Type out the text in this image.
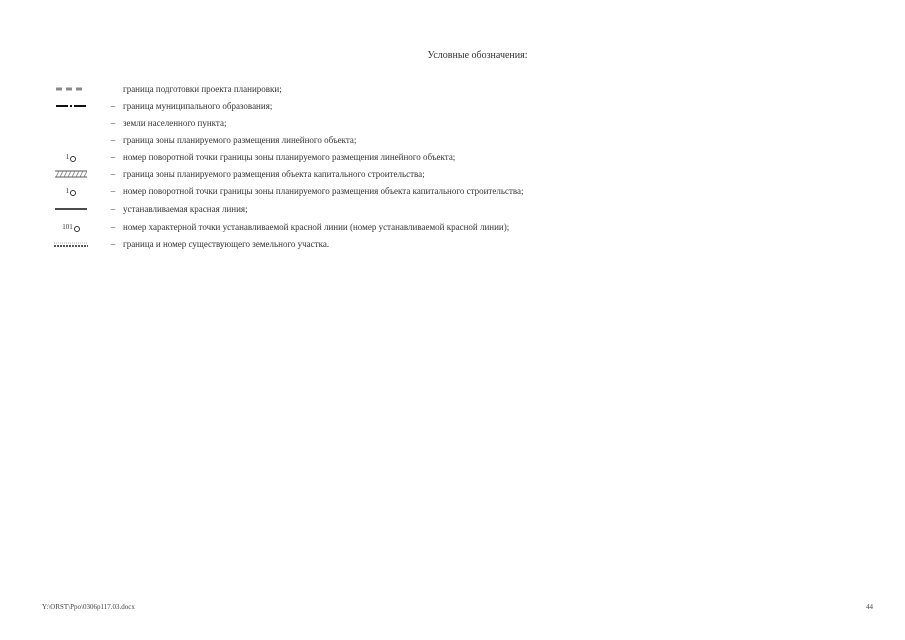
Условные обозначения:
граница подготовки проекта планировки;
– граница муниципального образования;
– земли населенного пункта;
– граница зоны планируемого размещения линейного объекта;
1	– номер поворотной точки границы зоны планируемого размещения линейного объекта;
– граница зоны планируемого размещения объекта капитального строительства;
1	– номер поворотной точки границы зоны планируемого размещения объекта капитального строительства;
– устанавливаемая красная линия;
101	– номер характерной точки устанавливаемой красной линии (номер устанавливаемой красной линии);
– граница и номер существующего земельного участка.
Y:\ORST\Ppo\0306p117.03.docx	44
